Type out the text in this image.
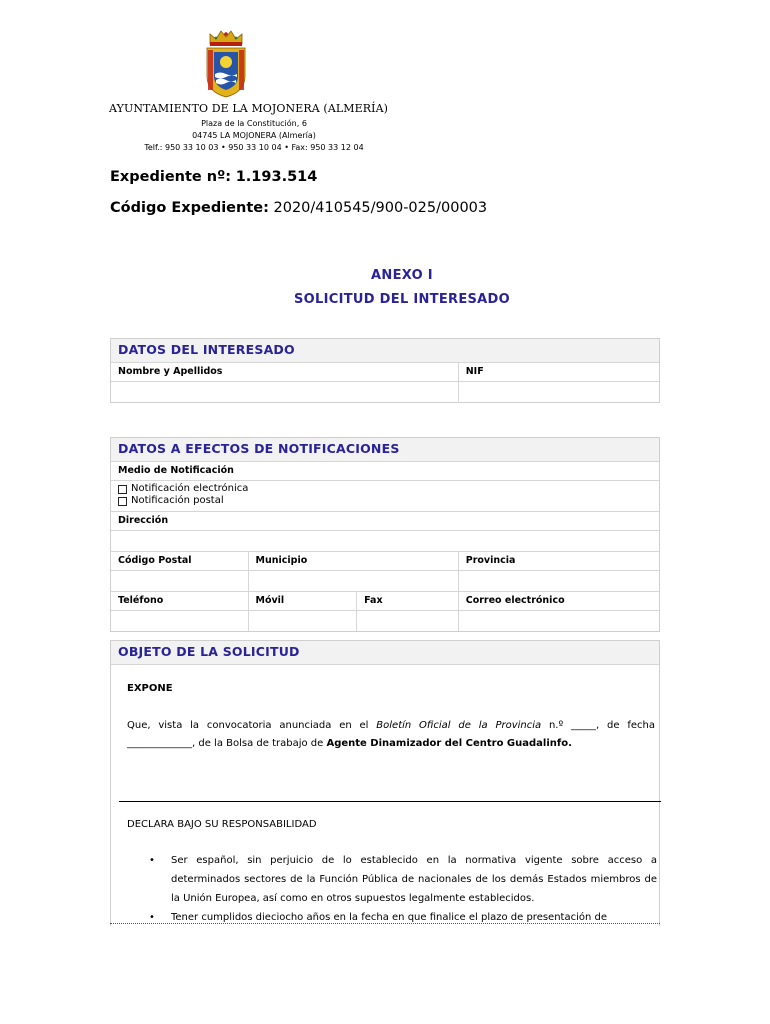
AYUNTAMIENTO DE LA MOJONERA (ALMERÍA)
Plaza de la Constitución, 6
04745 LA MOJONERA (Almería)
Telf.: 950 33 10 03 • 950 33 10 04 • Fax: 950 33 12 04
Expediente nº: 1.193.514
Código Expediente: 2020/410545/900-025/00003
ANEXO I
SOLICITUD DEL INTERESADO
DATOS DEL INTERESADO
Nombre y Apellidos	NIF
DATOS A EFECTOS DE NOTIFICACIONES
Medio de Notificación
Notificación electrónica
Notificación postal
Dirección
Código Postal	Municipio	Provincia
Teléfono	Móvil	Fax	Correo electrónico
OBJETO DE LA SOLICITUD
EXPONE
Que, vista la convocatoria anunciada en el Boletín Oficial de la Provincia n.º _____, de fecha _____________, de la Bolsa de trabajo de Agente Dinamizador del Centro Guadalinfo.
DECLARA BAJO SU RESPONSABILIDAD
• Ser español, sin perjuicio de lo establecido en la normativa vigente sobre acceso a determinados sectores de la Función Pública de nacionales de los demás Estados miembros de la Unión Europea, así como en otros supuestos legalmente establecidos.
• Tener cumplidos dieciocho años en la fecha en que finalice el plazo de presentación de
